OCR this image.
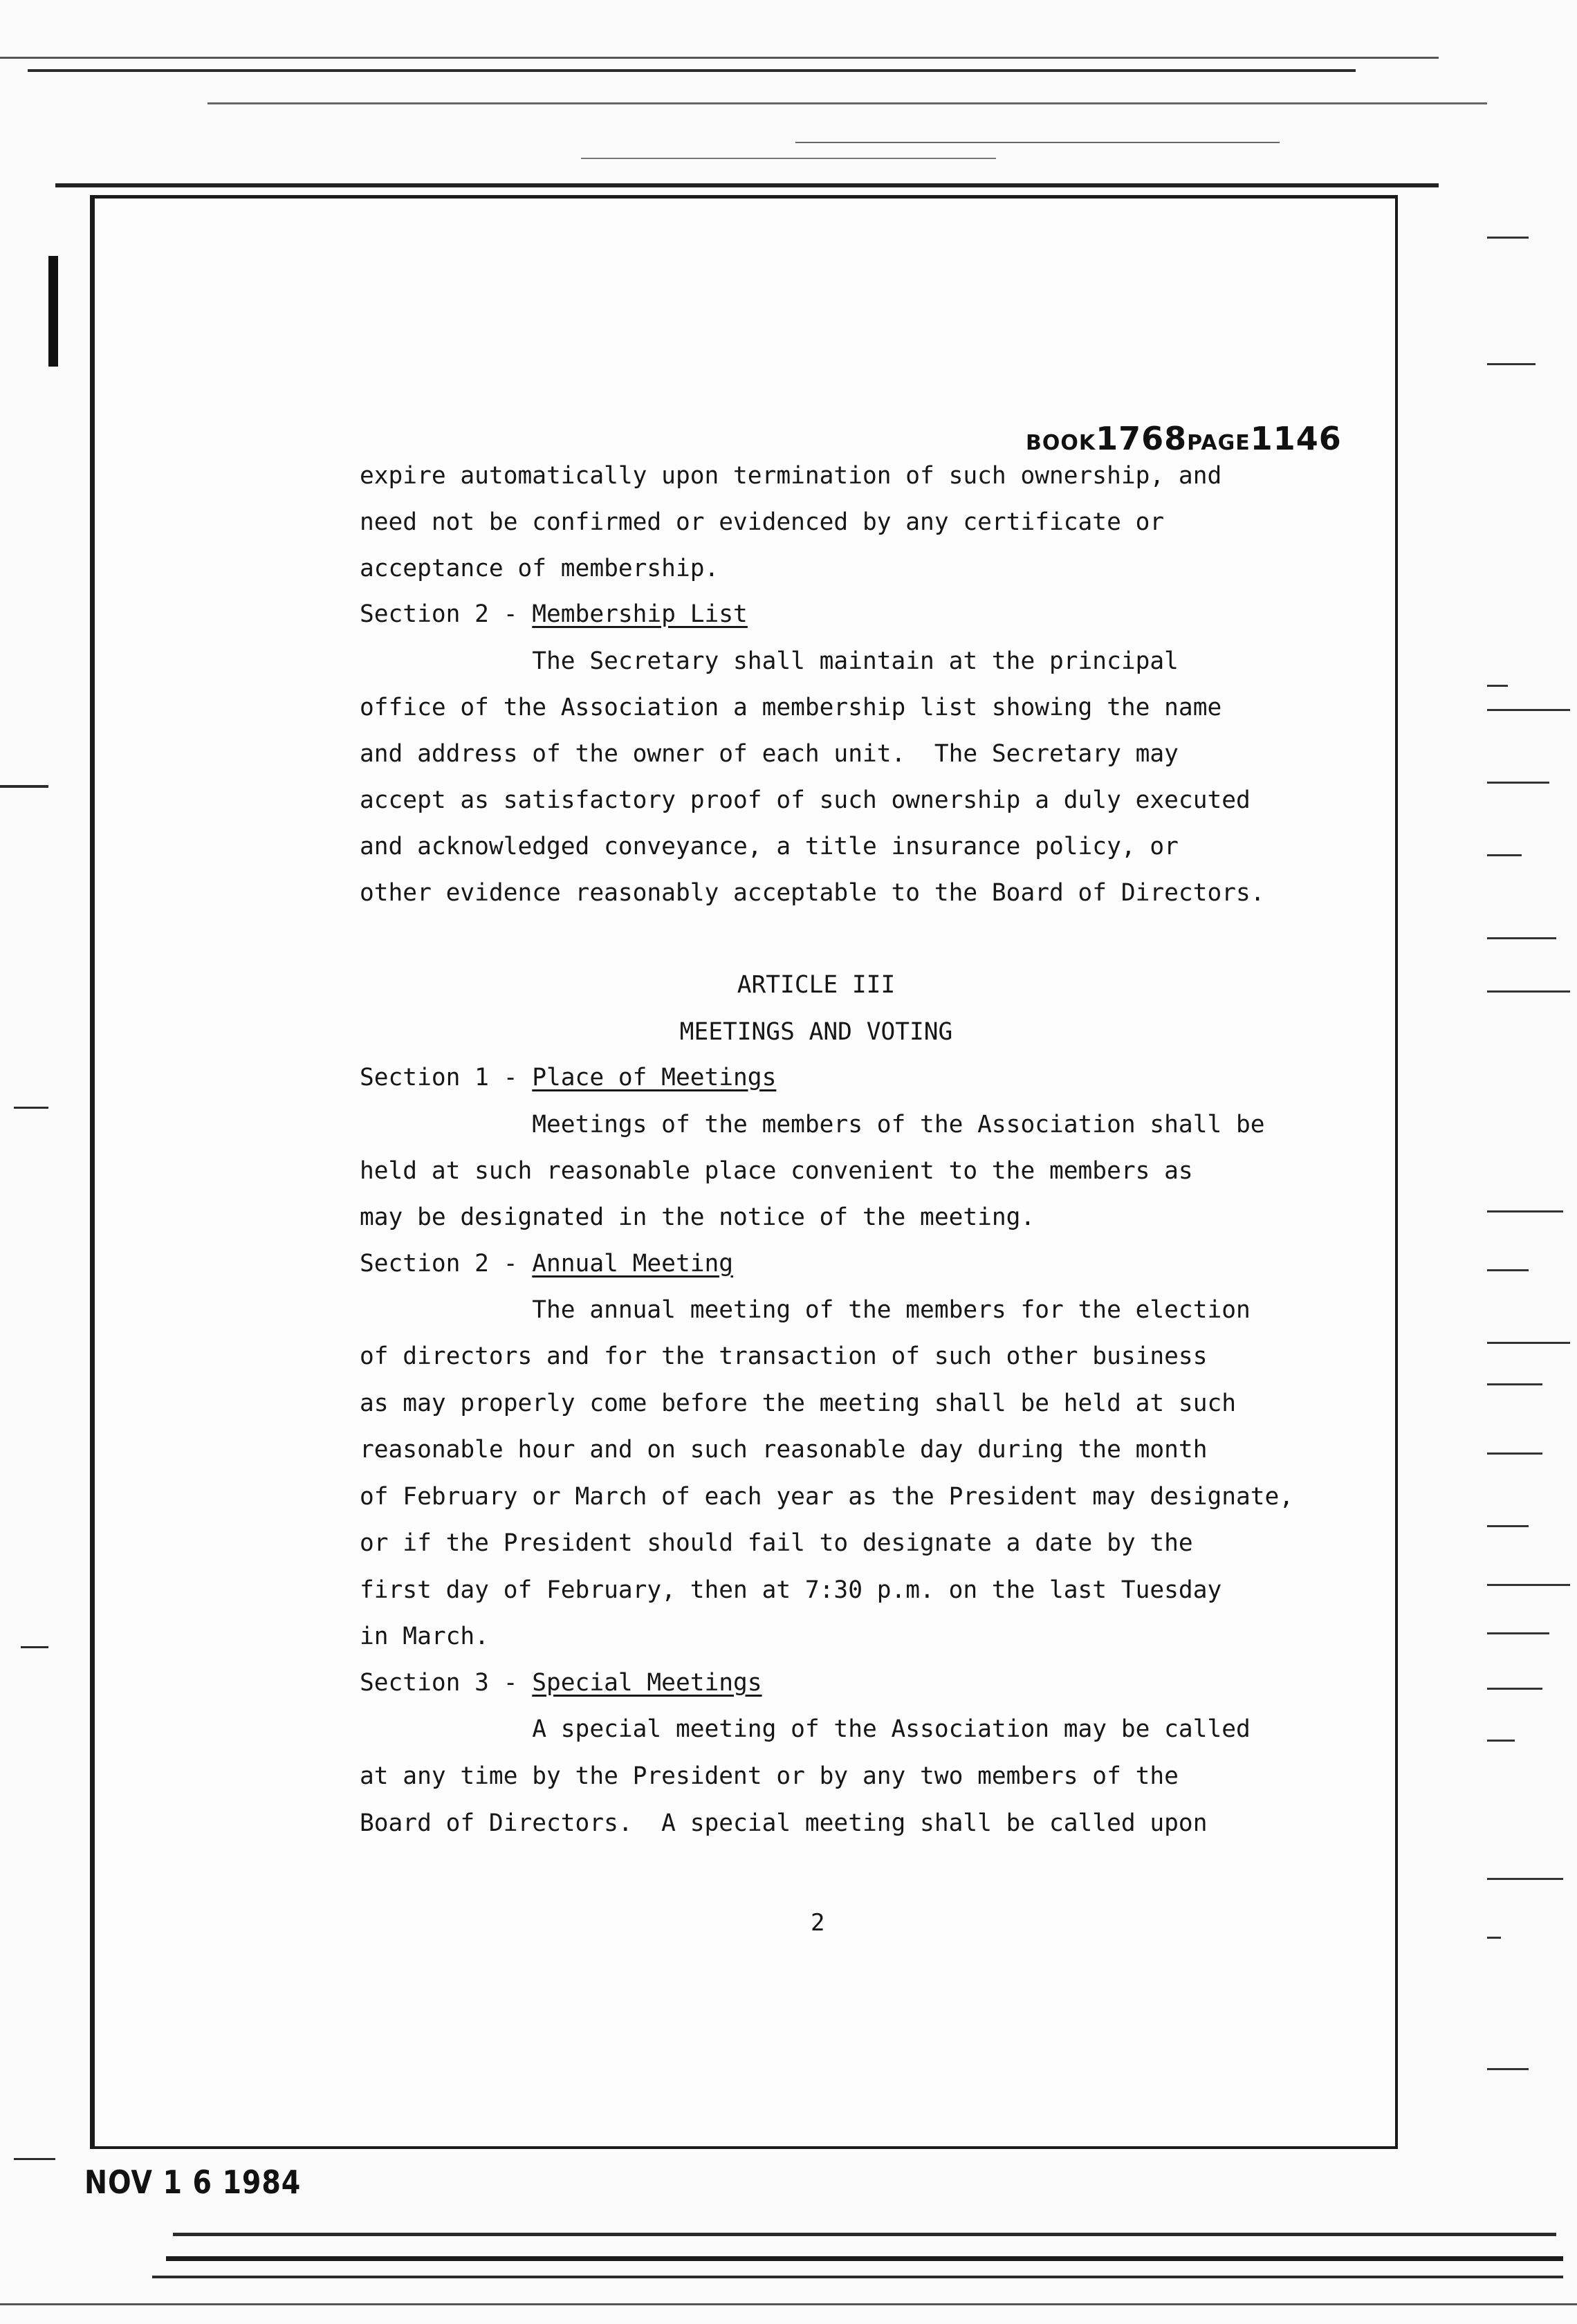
BOOK1768PAGE1146
expire automatically upon termination of such ownership, and
need not be confirmed or evidenced by any certificate or
acceptance of membership.
Section 2 - Membership List
The Secretary shall maintain at the principal
office of the Association a membership list showing the name
and address of the owner of each unit.  The Secretary may
accept as satisfactory proof of such ownership a duly executed
and acknowledged conveyance, a title insurance policy, or
other evidence reasonably acceptable to the Board of Directors.
ARTICLE III
MEETINGS AND VOTING
Section 1 - Place of Meetings
Meetings of the members of the Association shall be
held at such reasonable place convenient to the members as
may be designated in the notice of the meeting.
Section 2 - Annual Meeting
The annual meeting of the members for the election
of directors and for the transaction of such other business
as may properly come before the meeting shall be held at such
reasonable hour and on such reasonable day during the month
of February or March of each year as the President may designate,
or if the President should fail to designate a date by the
first day of February, then at 7:30 p.m. on the last Tuesday
in March.
Section 3 - Special Meetings
A special meeting of the Association may be called
at any time by the President or by any two members of the
Board of Directors.  A special meeting shall be called upon
2
NOV 1 6 1984
